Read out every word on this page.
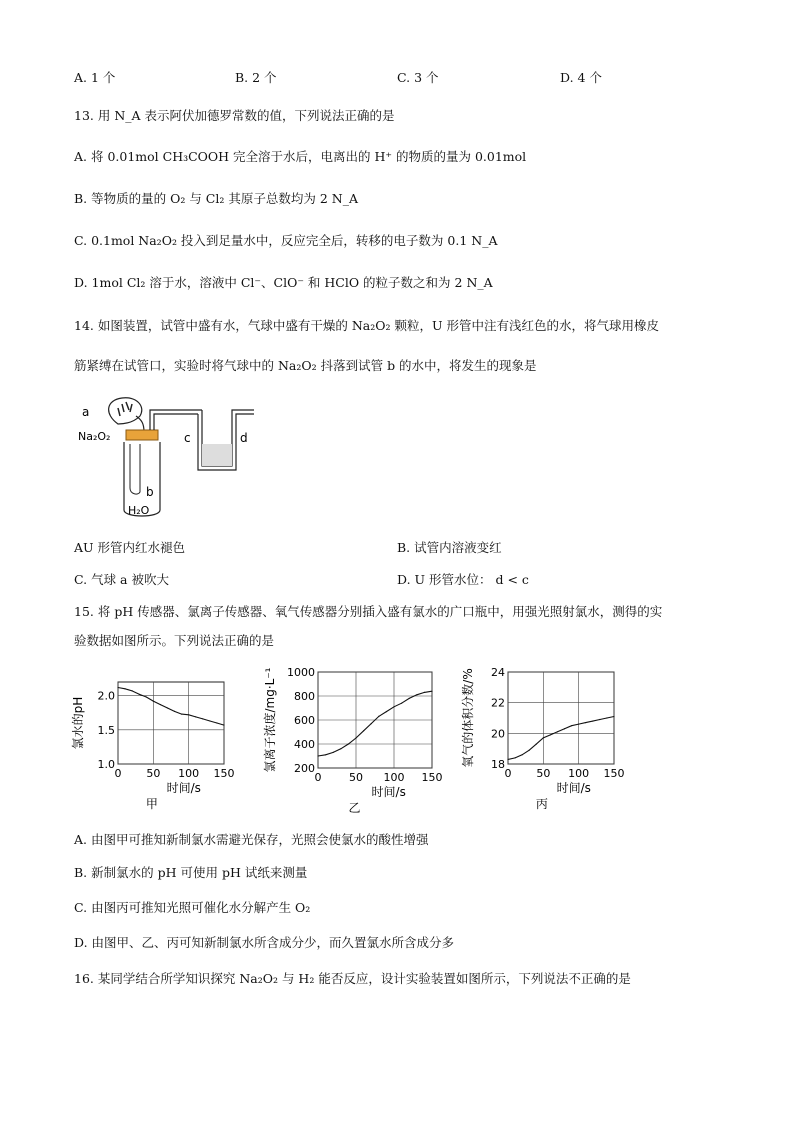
A. 1 个	B. 2 个	C. 3 个	D. 4 个
13. 用 N_A 表示阿伏加德罗常数的值，下列说法正确的是
A. 将 0.01mol CH₃COOH 完全溶于水后，电离出的 H⁺ 的物质的量为 0.01mol
B. 等物质的量的 O₂ 与 Cl₂ 其原子总数均为 2 N_A
C. 0.1mol Na₂O₂ 投入到足量水中，反应完全后，转移的电子数为 0.1 N_A
D. 1mol Cl₂ 溶于水，溶液中 Cl⁻、ClO⁻ 和 HClO 的粒子数之和为 2 N_A
14. 如图装置，试管中盛有水，气球中盛有干燥的 Na₂O₂ 颗粒，U 形管中注有浅红色的水，将气球用橡皮
筋紧缚在试管口，实验时将气球中的 Na₂O₂ 抖落到试管 b 的水中，将发生的现象是
a
Na₂O₂	c	d
b
H₂O
AU 形管内红水褪色	B. 试管内溶液变红
C. 气球 a 被吹大	D. U 形管水位： d < c
15. 将 pH 传感器、氯离子传感器、氧气传感器分别插入盛有氯水的广口瓶中，用强光照射氯水，测得的实
验数据如图所示。下列说法正确的是
0 50 100 150
1.0
1.5
2.0
时间/s
氯水的pH
甲
0	50 100 150
200
400
600
800
1000
时间/s
氯离子浓度/mg·L⁻¹
乙
0 50 100 150
18
20
22
24
时间/s
氧气的体积分数/%
丙
A. 由图甲可推知新制氯水需避光保存，光照会使氯水的酸性增强
B. 新制氯水的 pH 可使用 pH 试纸来测量
C. 由图丙可推知光照可催化水分解产生 O₂
D. 由图甲、乙、丙可知新制氯水所含成分少，而久置氯水所含成分多
16. 某同学结合所学知识探究 Na₂O₂ 与 H₂ 能否反应，设计实验装置如图所示，下列说法不正确的是
